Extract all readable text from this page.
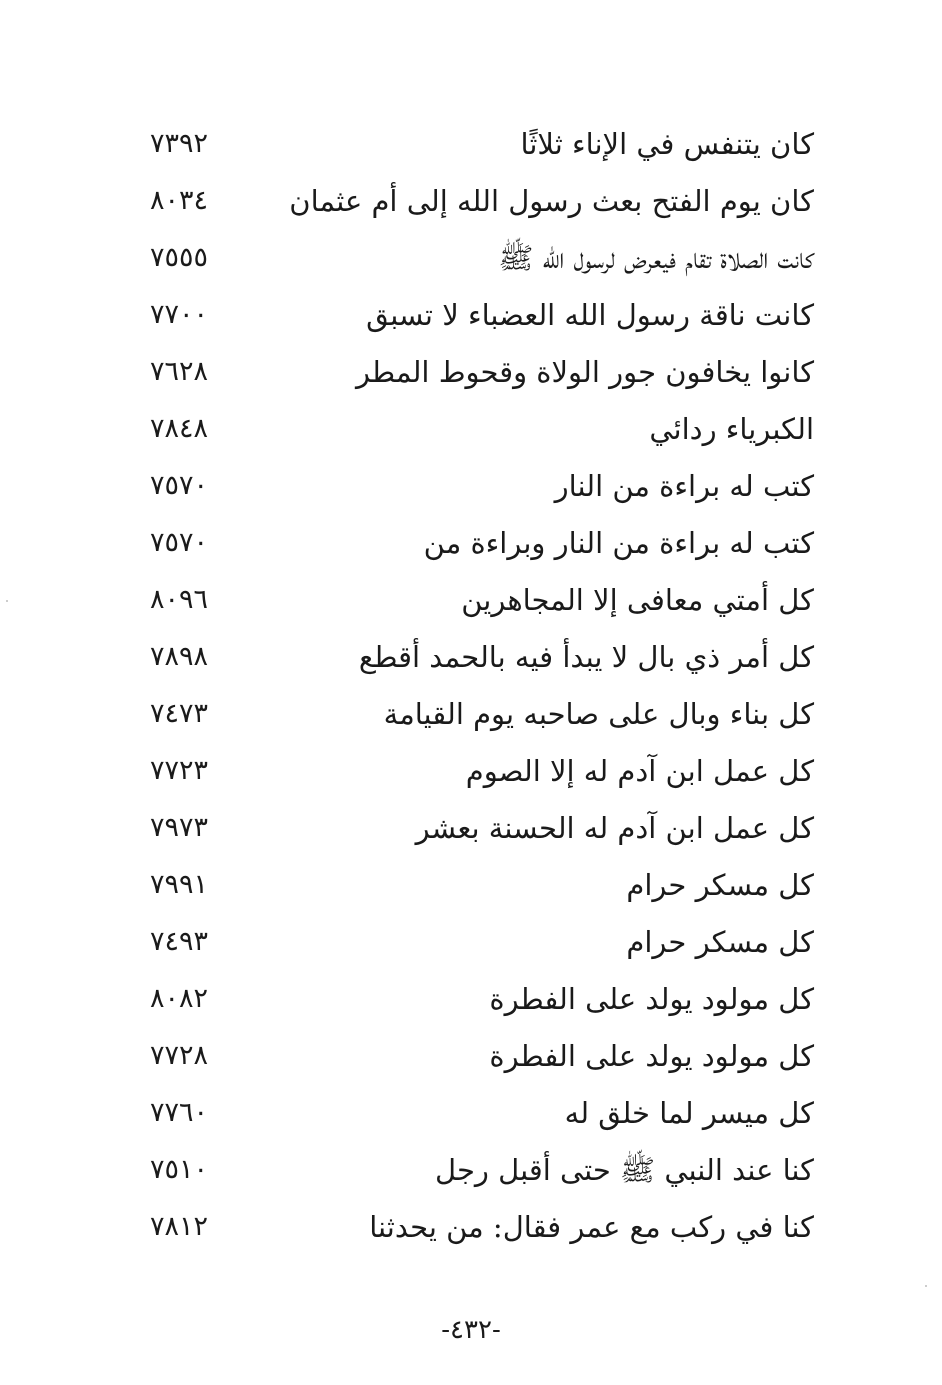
كان يتنفس في الإناء ثلاثًا
٧٣٩٢
كان يوم الفتح بعث رسول الله إلى أم عثمان
٨٠٣٤
كانت الصلاة تقام فيعرض لرسول الله ﷺ
٧٥٥٥
كانت ناقة رسول الله العضباء لا تسبق
٧٧٠٠
كانوا يخافون جور الولاة وقحوط المطر
٧٦٢٨
الكبرياء ردائي
٧٨٤٨
كتب له براءة من النار
٧٥٧٠
كتب له براءة من النار وبراءة من
٧٥٧٠
كل أمتي معافى إلا المجاهرين
٨٠٩٦
كل أمر ذي بال لا يبدأ فيه بالحمد أقطع
٧٨٩٨
كل بناء وبال على صاحبه يوم القيامة
٧٤٧٣
كل عمل ابن آدم له إلا الصوم
٧٧٢٣
كل عمل ابن آدم له الحسنة بعشر
٧٩٧٣
كل مسكر حرام
٧٩٩١
كل مسكر حرام
٧٤٩٣
كل مولود يولد على الفطرة
٨٠٨٢
كل مولود يولد على الفطرة
٧٧٢٨
كل ميسر لما خلق له
٧٧٦٠
كنا عند النبي ﷺ حتى أقبل رجل
٧٥١٠
كنا في ركب مع عمر فقال: من يحدثنا
٧٨١٢
-٤٣٢-
